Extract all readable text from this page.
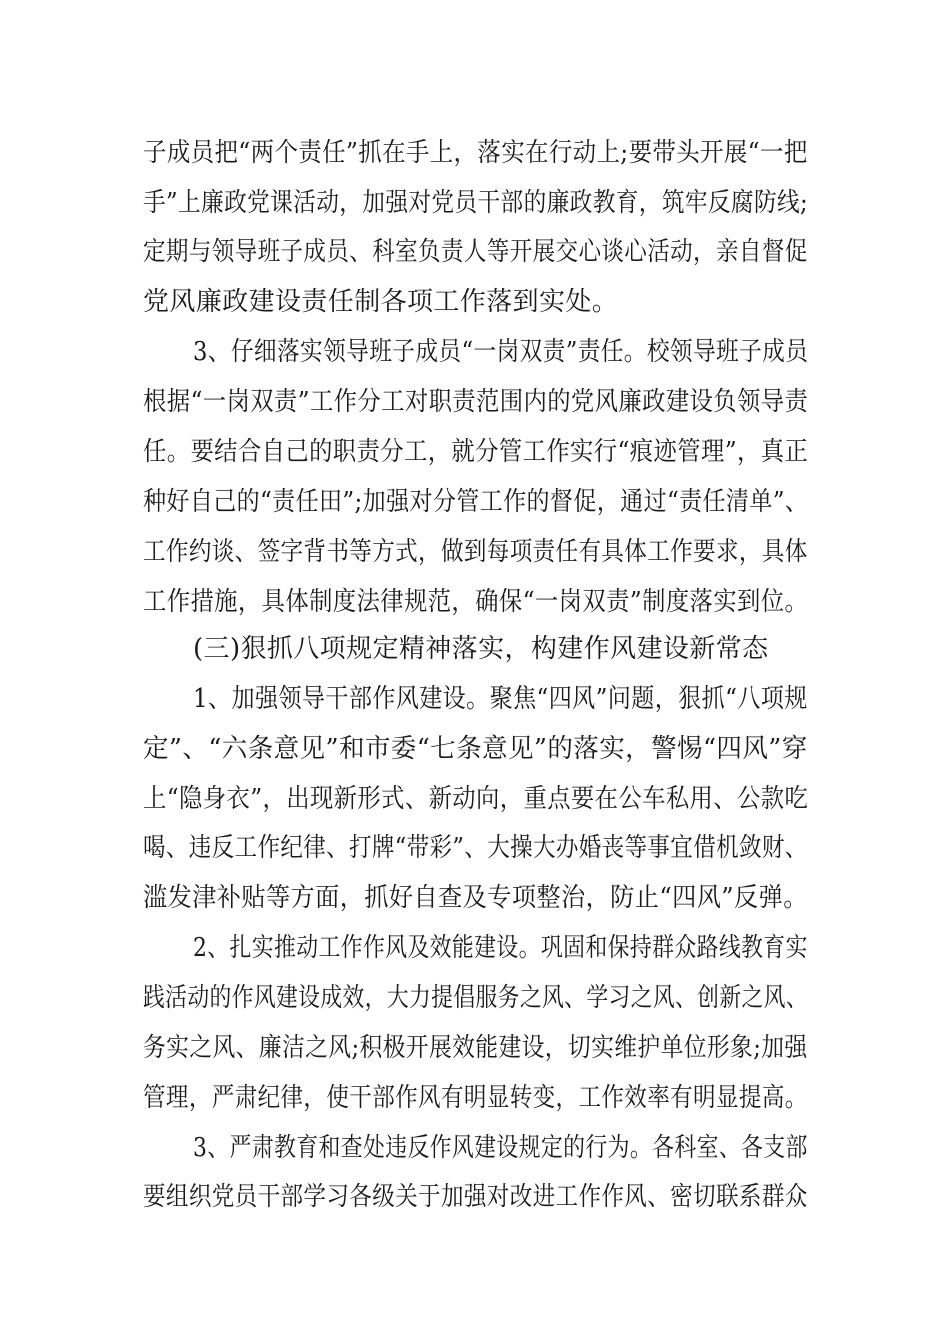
子成员把“两个责任”抓在手上，落实在行动上;要带头开展“一把
手”上廉政党课活动，加强对党员干部的廉政教育，筑牢反腐防线;
定期与领导班子成员、科室负责人等开展交心谈心活动，亲自督促
党风廉政建设责任制各项工作落到实处。
3、仔细落实领导班子成员“一岗双责”责任。校领导班子成员
根据“一岗双责”工作分工对职责范围内的党风廉政建设负领导责
任。要结合自己的职责分工，就分管工作实行“痕迹管理”，真正
种好自己的“责任田”;加强对分管工作的督促，通过“责任清单”、
工作约谈、签字背书等方式，做到每项责任有具体工作要求，具体
工作措施，具体制度法律规范，确保“一岗双责”制度落实到位。
(三)狠抓八项规定精神落实，构建作风建设新常态
1、加强领导干部作风建设。聚焦“四风”问题，狠抓“八项规
定”、“六条意见”和市委“七条意见”的落实，警惕“四风”穿
上“隐身衣”，出现新形式、新动向，重点要在公车私用、公款吃
喝、违反工作纪律、打牌“带彩”、大操大办婚丧等事宜借机敛财、
滥发津补贴等方面，抓好自查及专项整治，防止“四风”反弹。
2、扎实推动工作作风及效能建设。巩固和保持群众路线教育实
践活动的作风建设成效，大力提倡服务之风、学习之风、创新之风、
务实之风、廉洁之风;积极开展效能建设，切实维护单位形象;加强
管理，严肃纪律，使干部作风有明显转变，工作效率有明显提高。
3、严肃教育和查处违反作风建设规定的行为。各科室、各支部
要组织党员干部学习各级关于加强对改进工作作风、密切联系群众
